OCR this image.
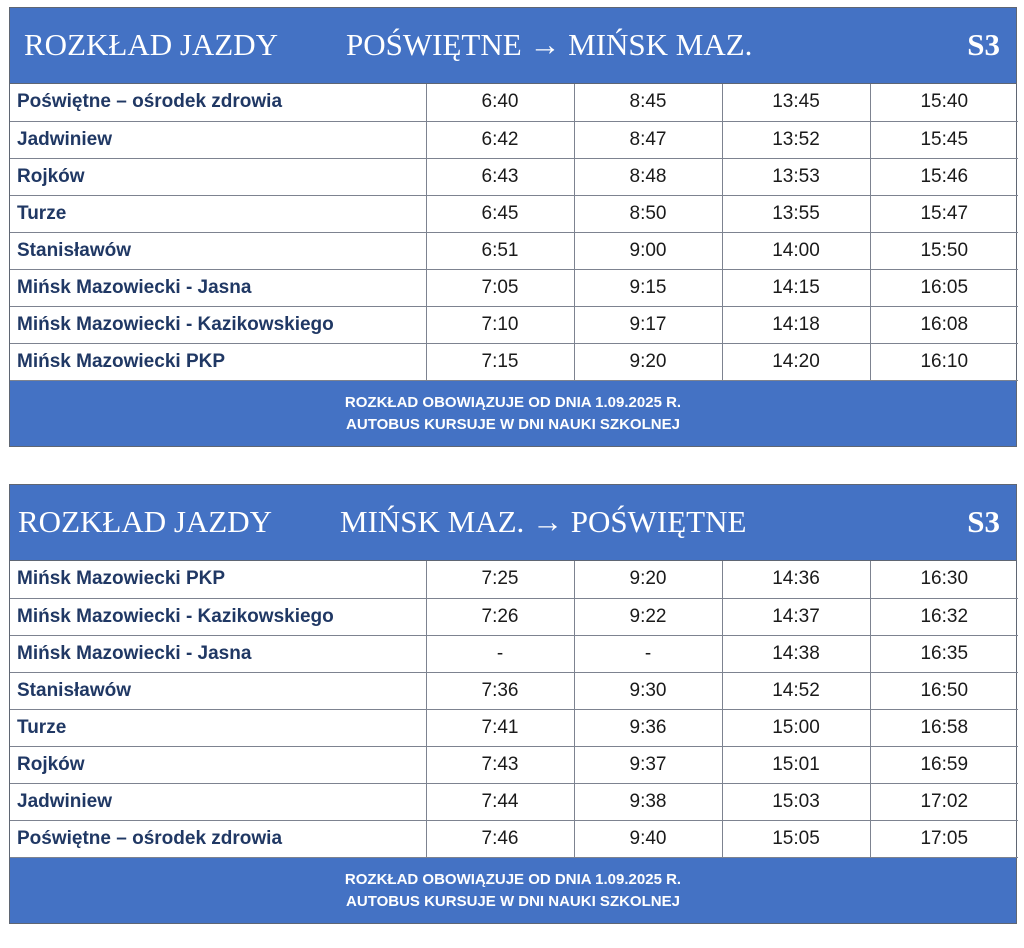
ROZKŁAD JAZDY POŚWIĘTNE → MIŃSK MAZ.	S3
Poświętne – ośrodek zdrowia	6:40	8:45	13:45	15:40
Jadwiniew	6:42	8:47	13:52	15:45
Rojków	6:43	8:48	13:53	15:46
Turze	6:45	8:50	13:55	15:47
Stanisławów	6:51	9:00	14:00	15:50
Mińsk Mazowiecki - Jasna	7:05	9:15	14:15	16:05
Mińsk Mazowiecki - Kazikowskiego	7:10	9:17	14:18	16:08
Mińsk Mazowiecki PKP	7:15	9:20	14:20	16:10
ROZKŁAD OBOWIĄZUJE OD DNIA 1.09.2025 R.
AUTOBUS KURSUJE W DNI NAUKI SZKOLNEJ
ROZKŁAD JAZDY MIŃSK MAZ. → POŚWIĘTNE	S3
Mińsk Mazowiecki PKP	7:25	9:20	14:36	16:30
Mińsk Mazowiecki - Kazikowskiego	7:26	9:22	14:37	16:32
Mińsk Mazowiecki - Jasna	-	-	14:38	16:35
Stanisławów	7:36	9:30	14:52	16:50
Turze	7:41	9:36	15:00	16:58
Rojków	7:43	9:37	15:01	16:59
Jadwiniew	7:44	9:38	15:03	17:02
Poświętne – ośrodek zdrowia	7:46	9:40	15:05	17:05
ROZKŁAD OBOWIĄZUJE OD DNIA 1.09.2025 R.
AUTOBUS KURSUJE W DNI NAUKI SZKOLNEJ
